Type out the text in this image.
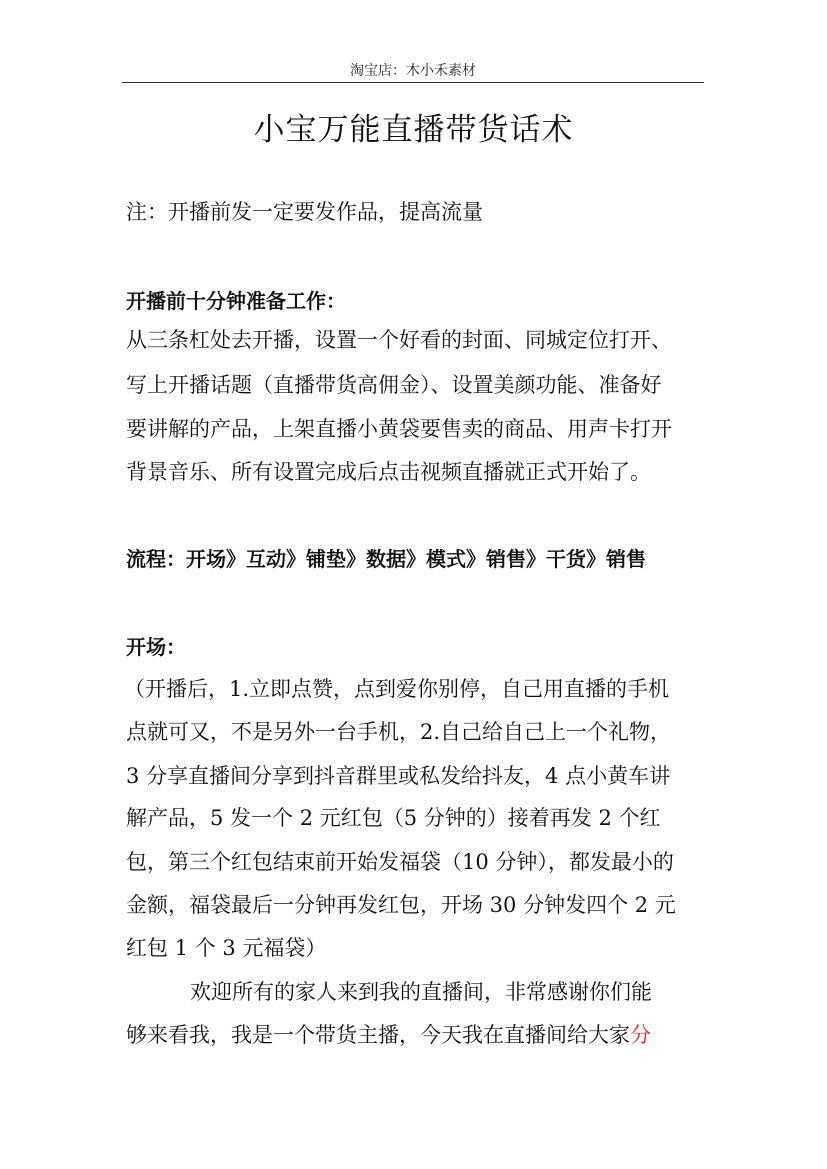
淘宝店：木小禾素材
小宝万能直播带货话术
注：开播前发一定要发作品，提高流量
开播前十分钟准备工作：
从三条杠处去开播，设置一个好看的封面、同城定位打开、
写上开播话题（直播带货高佣金）、设置美颜功能、准备好
要讲解的产品，上架直播小黄袋要售卖的商品、用声卡打开
背景音乐、所有设置完成后点击视频直播就正式开始了。
流程：开场》互动》铺垫》数据》模式》销售》干货》销售
开场：
（开播后，1.立即点赞，点到爱你别停，自己用直播的手机
点就可又，不是另外一台手机，2.自己给自己上一个礼物，
3 分享直播间分享到抖音群里或私发给抖友，4 点小黄车讲
解产品，5 发一个 2 元红包（5 分钟的）接着再发 2 个红
包，第三个红包结束前开始发福袋（10 分钟），都发最小的
金额，福袋最后一分钟再发红包，开场 30 分钟发四个 2 元
红包 1 个 3 元福袋）
欢迎所有的家人来到我的直播间，非常感谢你们能
够来看我，我是一个带货主播，今天我在直播间给大家分
